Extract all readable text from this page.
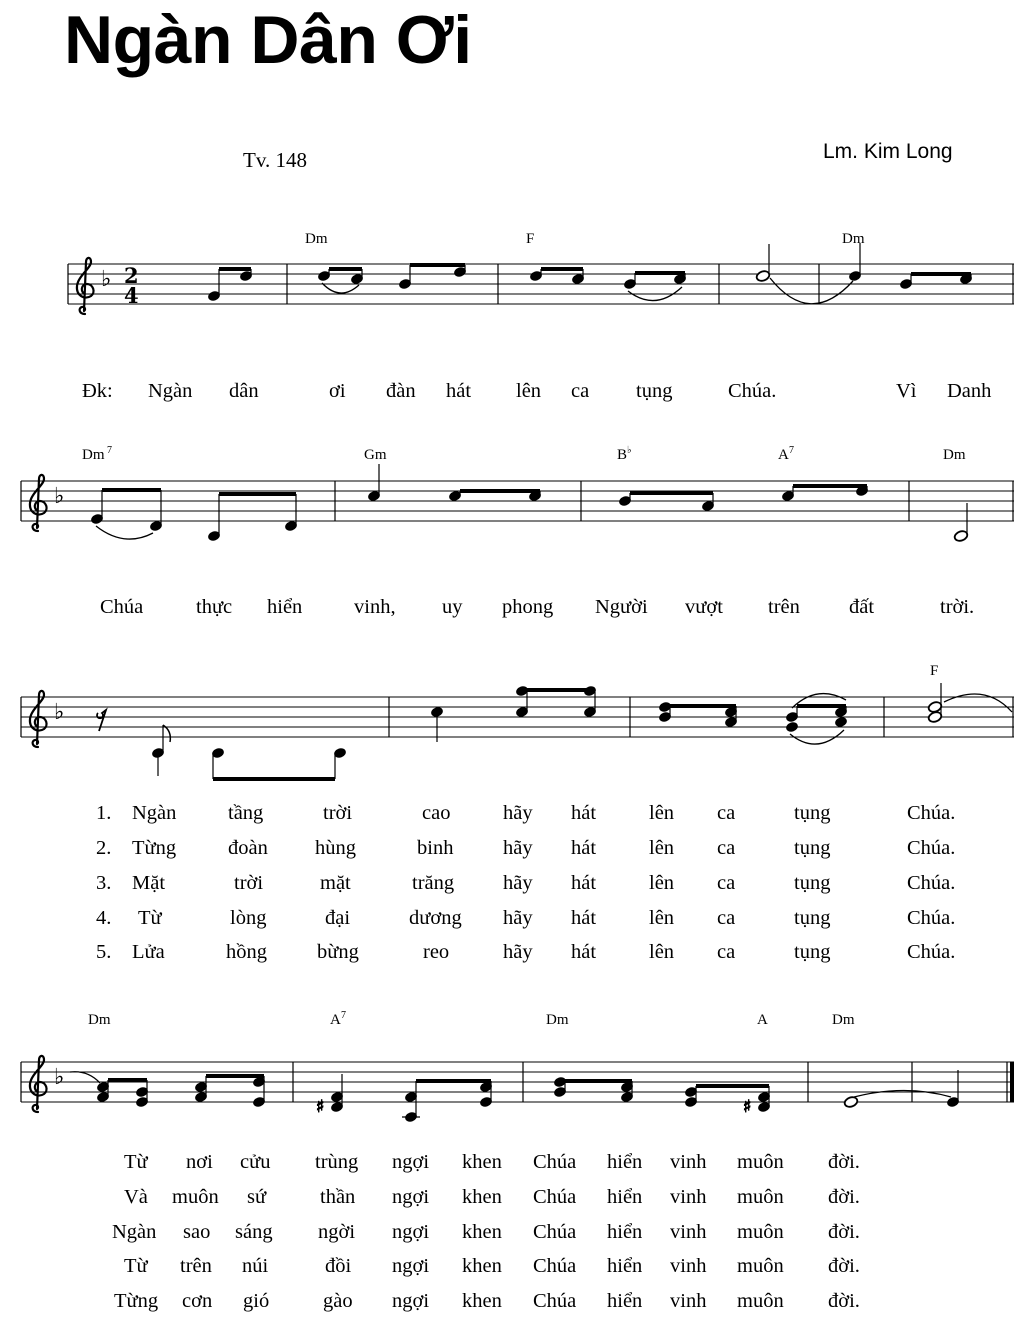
Ngàn Dân Ơi
Tv. 148	Lm. Kim Long
♭ 2
4
♭
♭
♭
♯	♯
Dm	F	Dm
Dm 7	Gm	B ♭	A 7	Dm
F
Dm	A 7	Dm	A	Dm
Đk: Ngàn dân	ơi đàn hát lên ca tụng	Chúa.	Vì Danh
Chúa	thực hiển	vinh, uy phong Người vượt trên đất	trời.
1. Ngàn	tầng	trời	cao	hãy hát	lên ca	tụng	Chúa.
2. Từng	đoàn hùng	binh hãy hát	lên ca	tụng	Chúa.
3. Mặt	trời	mặt	trăng hãy hát	lên ca	tụng	Chúa.
4. Từ	lòng	đại	dương hãy hát	lên ca	tụng	Chúa.
5. Lửa	hồng bừng	reo	hãy hát	lên ca	tụng	Chúa.
Từ nơi cửu trùng ngợi khen Chúa hiển vinh muôn đời.
Và muôn sứ	thần ngợi khen Chúa hiển vinh muôn đời.
Ngàn sao sáng ngời ngợi khen Chúa hiển vinh muôn đời.
Từ trên núi	đồi ngợi khen Chúa hiển vinh muôn đời.
Từng cơn gió	gào ngợi khen Chúa hiển vinh muôn đời.
